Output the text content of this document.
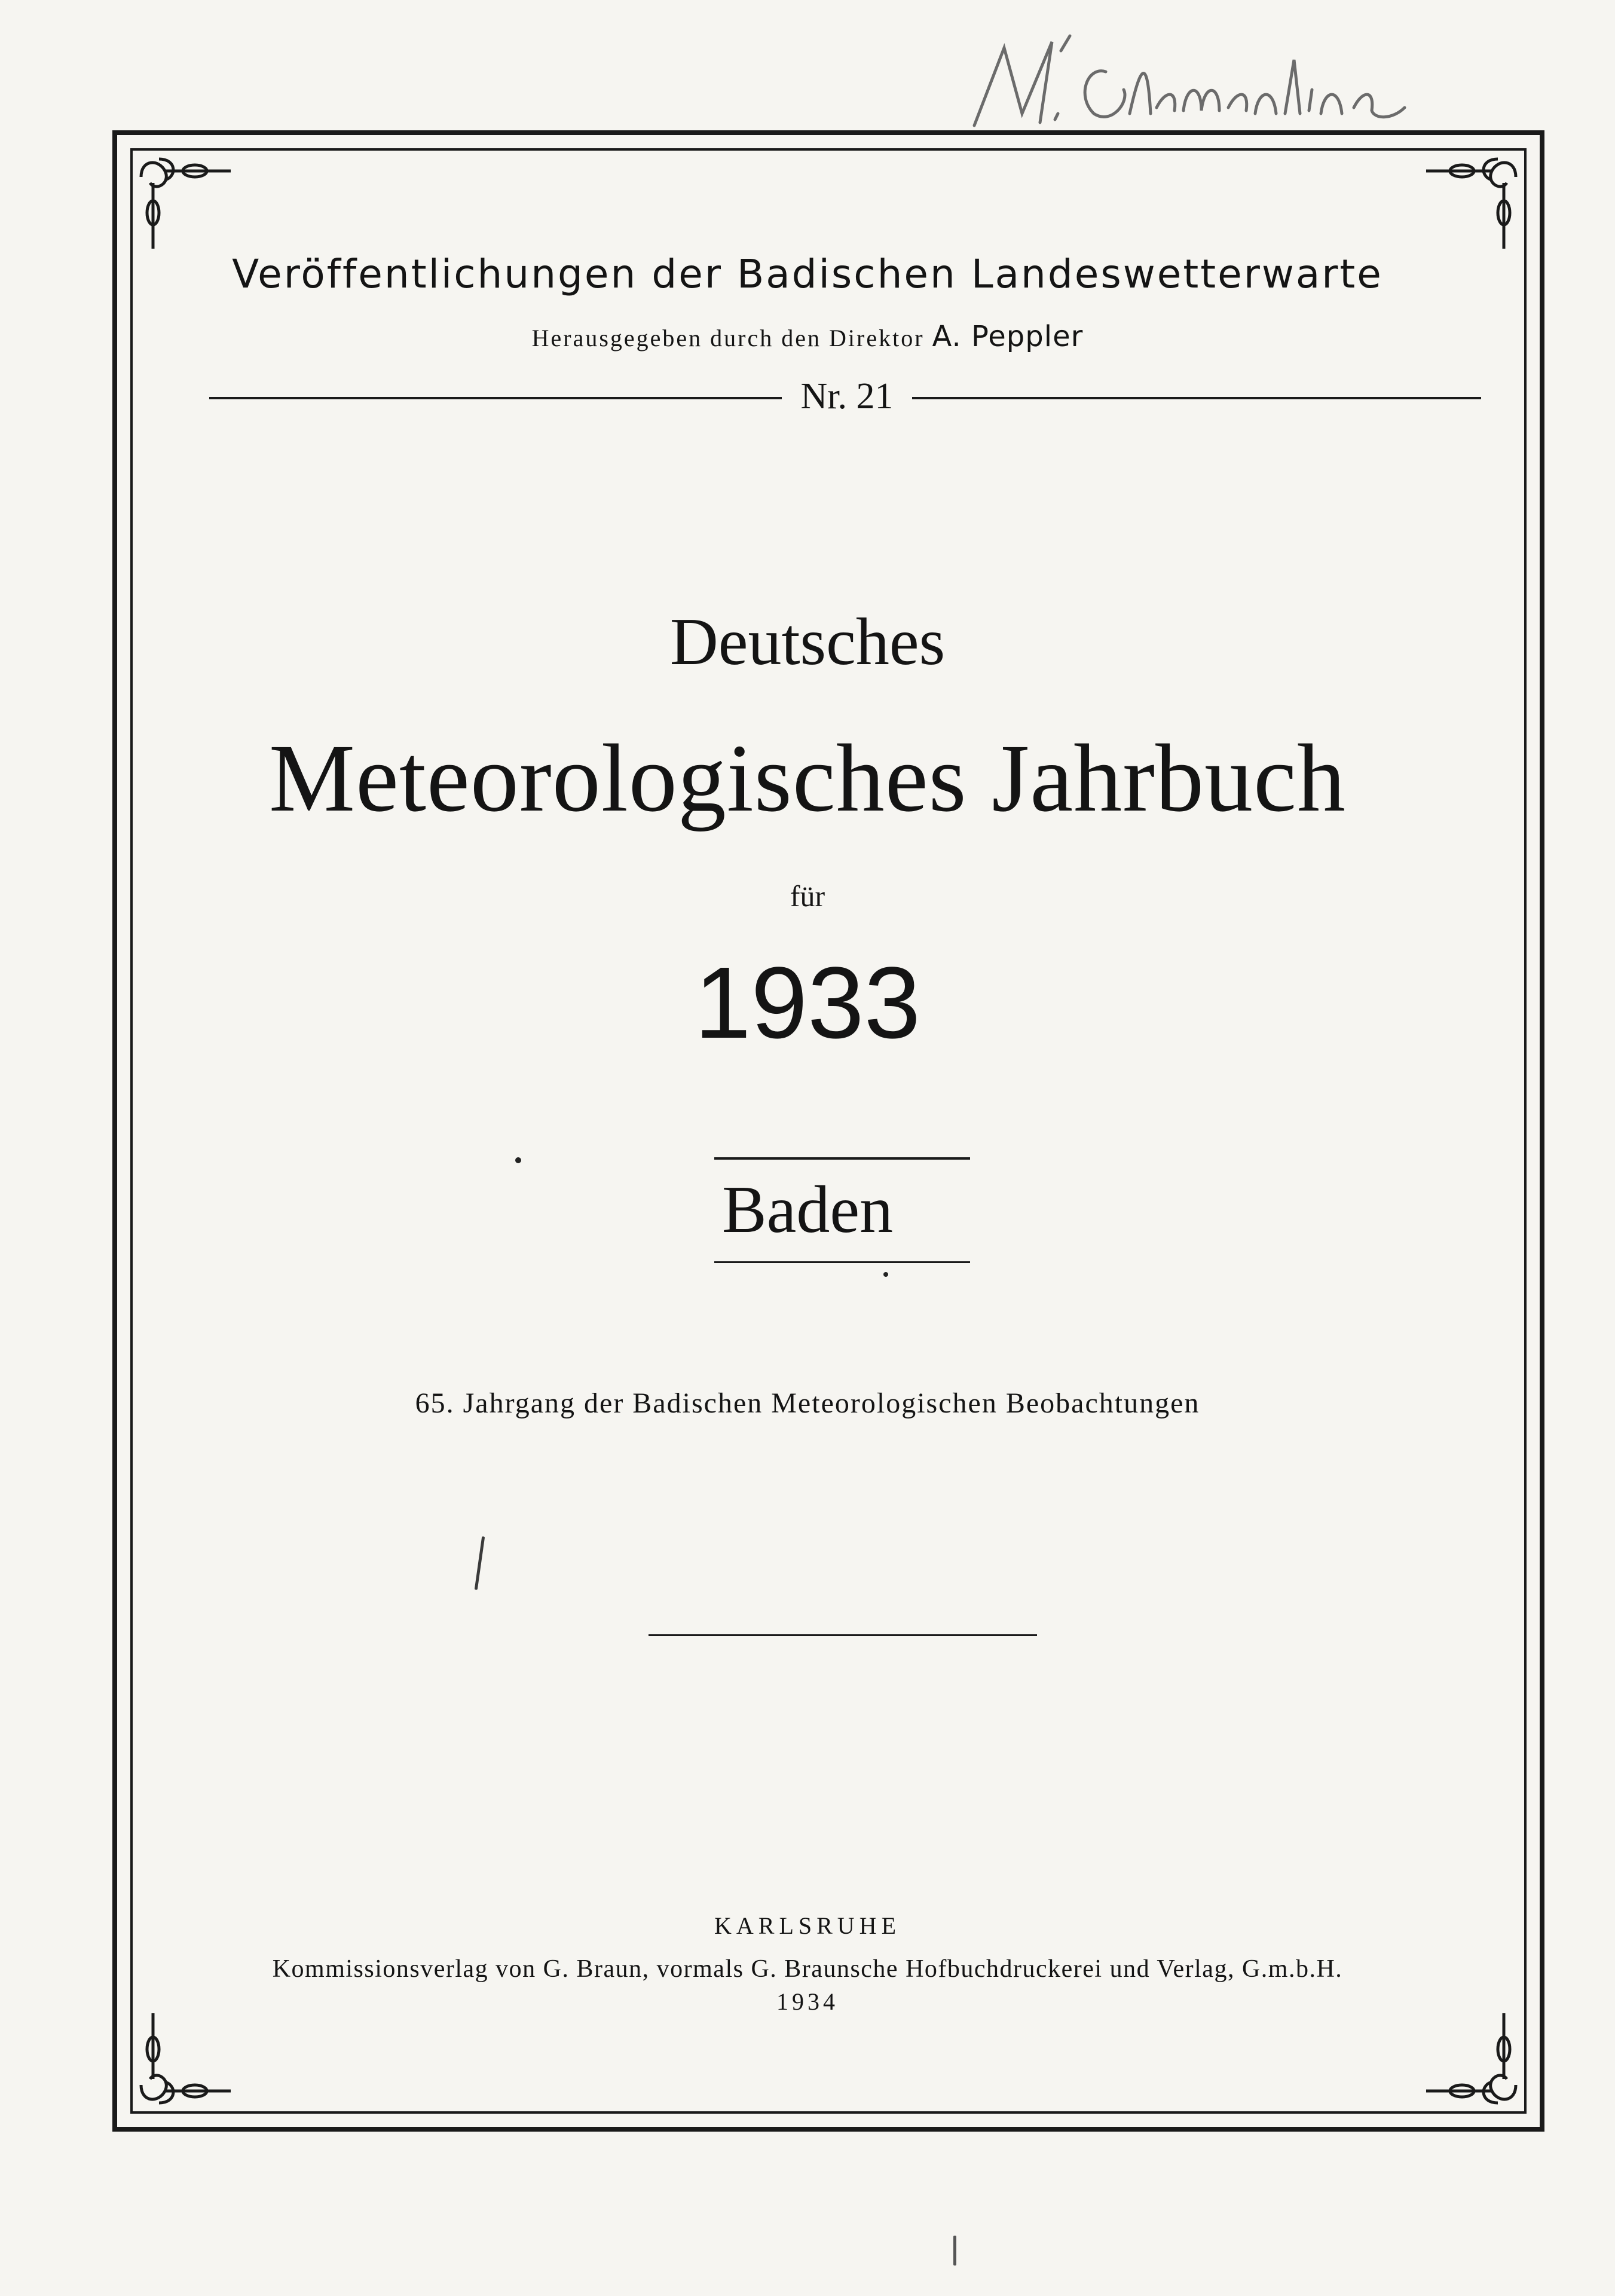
Veröffentlichungen der Badischen Landeswetterwarte
Herausgegeben durch den Direktor A. Peppler
Nr. 21
Deutsches
Meteorologisches Jahrbuch
für
1933
Baden
65. Jahrgang der Badischen Meteorologischen Beobachtungen
KARLSRUHE
Kommissionsverlag von G. Braun, vormals G. Braunsche Hofbuchdruckerei und Verlag, G.m.b.H.
1934
